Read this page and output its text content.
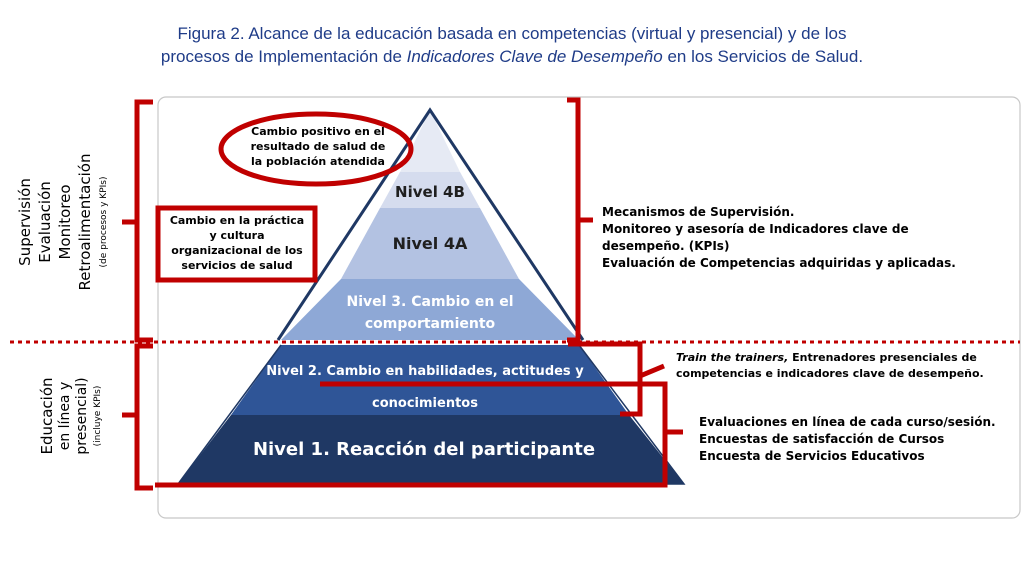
Figura 2. Alcance de la educación basada en competencias (virtual y presencial) y de los
procesos de Implementación de Indicadores Clave de Desempeño en los Servicios de Salud.
Supervisión Evaluación Monitoreo Retroalimentación (de procesos y KPIs)
Educación en línea y presencial) (incluye KPIs)
Cambio positivo en el
resultado de salud de
la población atendida
Cambio en la práctica
y cultura
organizacional de los
servicios de salud
Nivel 4B
Nivel 4A
Nivel 3. Cambio en el
comportamiento
Nivel 2. Cambio en habilidades, actitudes y
conocimientos
Nivel 1. Reacción del participante
Mecanismos de Supervisión.
Monitoreo y asesoría de Indicadores clave de
desempeño. (KPIs)
Evaluación de Competencias adquiridas y aplicadas.
Train the trainers, Entrenadores presenciales de
competencias e indicadores clave de desempeño.
Evaluaciones en línea de cada curso/sesión.
Encuestas de satisfacción de Cursos
Encuesta de Servicios Educativos
